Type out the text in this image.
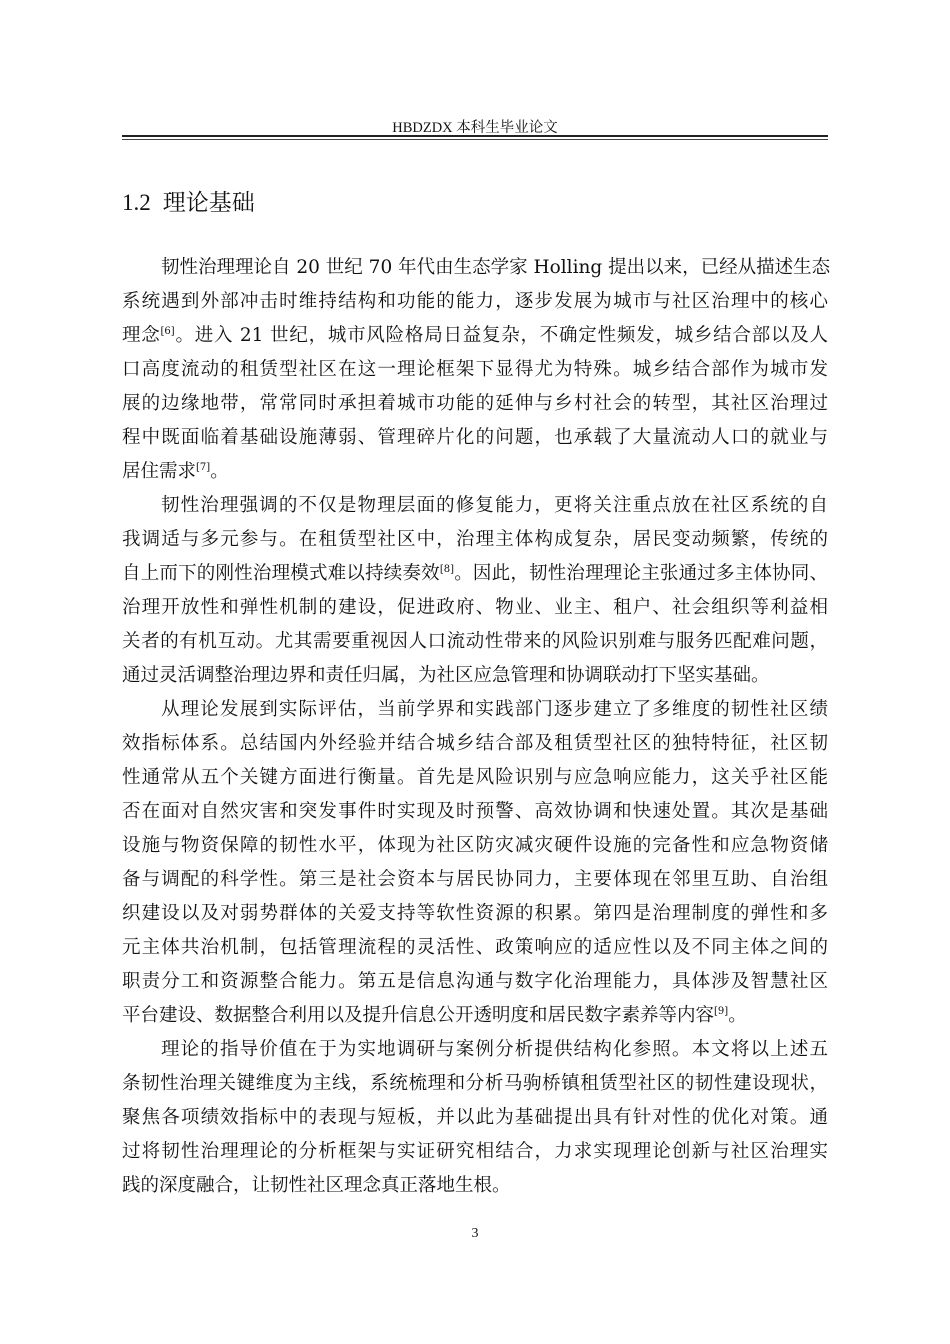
HBDZDX 本科生毕业论文
1.2 理论基础
韧性治理理论自 20 世纪 70 年代由生态学家 Holling 提出以来，已经从描述生态
系统遇到外部冲击时维持结构和功能的能力，逐步发展为城市与社区治理中的核心
理念[6]。进入 21 世纪，城市风险格局日益复杂，不确定性频发，城乡结合部以及人
口高度流动的租赁型社区在这一理论框架下显得尤为特殊。城乡结合部作为城市发
展的边缘地带，常常同时承担着城市功能的延伸与乡村社会的转型，其社区治理过
程中既面临着基础设施薄弱、管理碎片化的问题，也承载了大量流动人口的就业与
居住需求[7]。
韧性治理强调的不仅是物理层面的修复能力，更将关注重点放在社区系统的自
我调适与多元参与。在租赁型社区中，治理主体构成复杂，居民变动频繁，传统的
自上而下的刚性治理模式难以持续奏效[8]。因此，韧性治理理论主张通过多主体协同、
治理开放性和弹性机制的建设，促进政府、物业、业主、租户、社会组织等利益相
关者的有机互动。尤其需要重视因人口流动性带来的风险识别难与服务匹配难问题，
通过灵活调整治理边界和责任归属，为社区应急管理和协调联动打下坚实基础。
从理论发展到实际评估，当前学界和实践部门逐步建立了多维度的韧性社区绩
效指标体系。总结国内外经验并结合城乡结合部及租赁型社区的独特特征，社区韧
性通常从五个关键方面进行衡量。首先是风险识别与应急响应能力，这关乎社区能
否在面对自然灾害和突发事件时实现及时预警、高效协调和快速处置。其次是基础
设施与物资保障的韧性水平，体现为社区防灾减灾硬件设施的完备性和应急物资储
备与调配的科学性。第三是社会资本与居民协同力，主要体现在邻里互助、自治组
织建设以及对弱势群体的关爱支持等软性资源的积累。第四是治理制度的弹性和多
元主体共治机制，包括管理流程的灵活性、政策响应的适应性以及不同主体之间的
职责分工和资源整合能力。第五是信息沟通与数字化治理能力，具体涉及智慧社区
平台建设、数据整合利用以及提升信息公开透明度和居民数字素养等内容[9]。
理论的指导价值在于为实地调研与案例分析提供结构化参照。本文将以上述五
条韧性治理关键维度为主线，系统梳理和分析马驹桥镇租赁型社区的韧性建设现状，
聚焦各项绩效指标中的表现与短板，并以此为基础提出具有针对性的优化对策。通
过将韧性治理理论的分析框架与实证研究相结合，力求实现理论创新与社区治理实
践的深度融合，让韧性社区理念真正落地生根。
3
